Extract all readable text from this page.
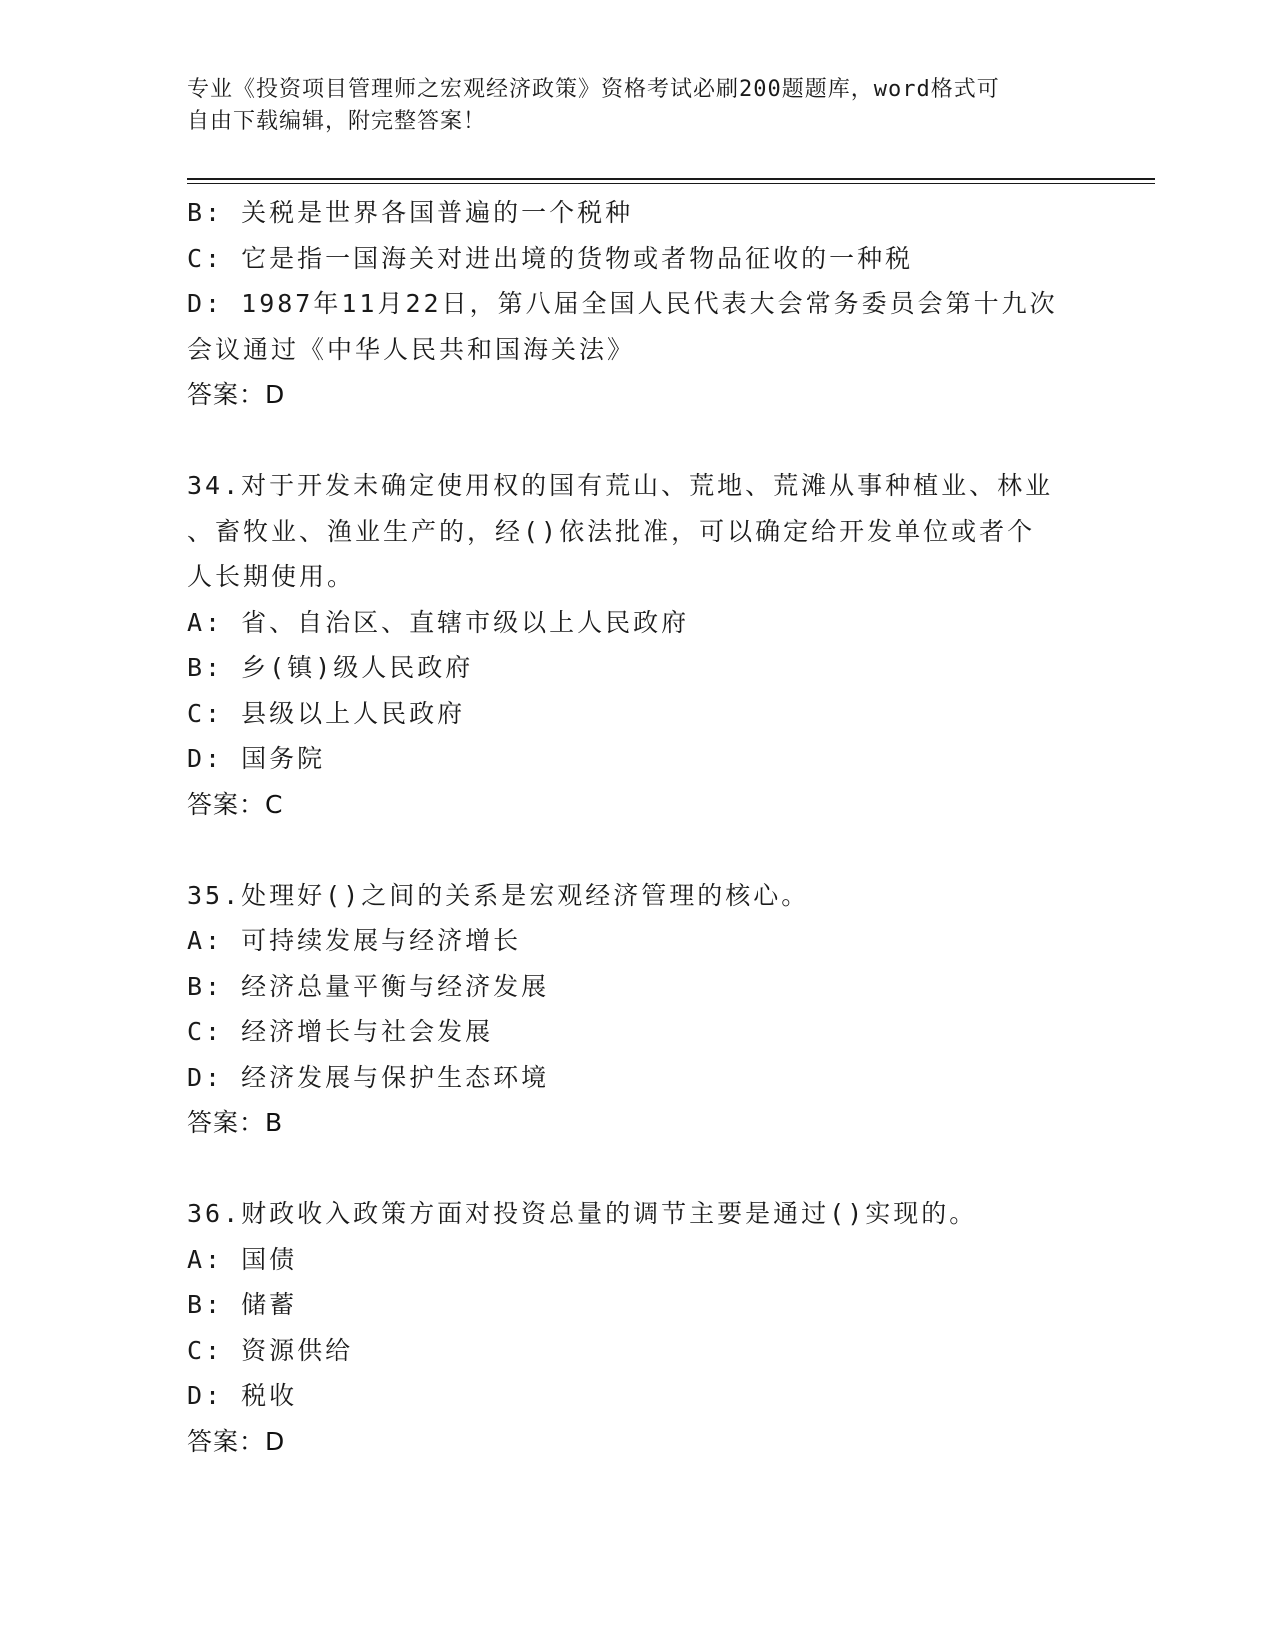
专业《投资项目管理师之宏观经济政策》资格考试必刷200题题库，word格式可
自由下载编辑，附完整答案！
B: 关税是世界各国普遍的一个税种
C: 它是指一国海关对进出境的货物或者物品征收的一种税
D: 1987年11月22日，第八届全国人民代表大会常务委员会第十九次
会议通过《中华人民共和国海关法》
答案：D
34.对于开发未确定使用权的国有荒山、荒地、荒滩从事种植业、林业
、畜牧业、渔业生产的，经()依法批准，可以确定给开发单位或者个
人长期使用。
A: 省、自治区、直辖市级以上人民政府
B: 乡(镇)级人民政府
C: 县级以上人民政府
D: 国务院
答案：C
35.处理好()之间的关系是宏观经济管理的核心。
A: 可持续发展与经济增长
B: 经济总量平衡与经济发展
C: 经济增长与社会发展
D: 经济发展与保护生态环境
答案：B
36.财政收入政策方面对投资总量的调节主要是通过()实现的。
A: 国债
B: 储蓄
C: 资源供给
D: 税收
答案：D
